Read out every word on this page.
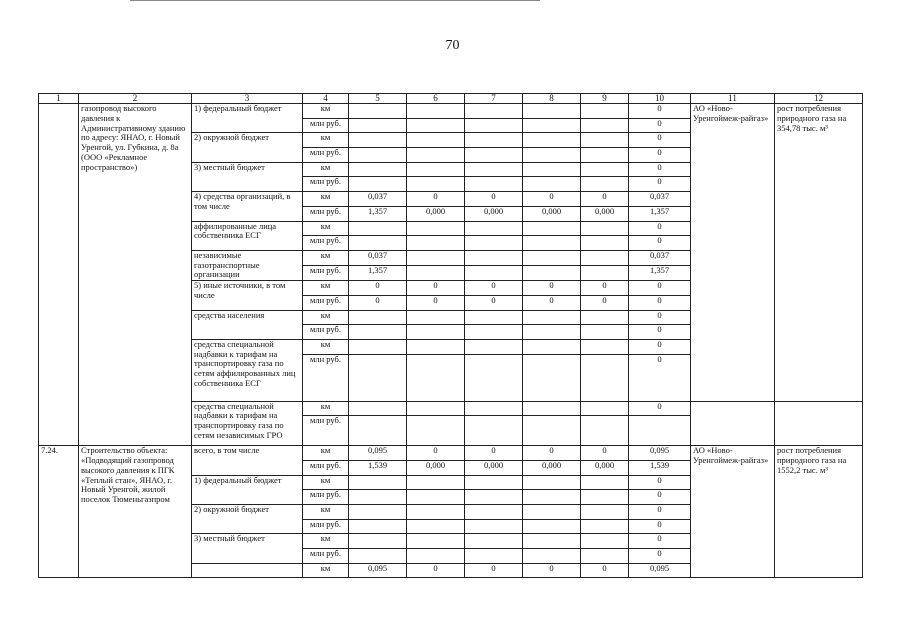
70
1	2	3	4	5	6	7	8	9	10	11	12
	газопровод высокого давления к Административному зданию по адресу: ЯНАО, г. Новый Уренгой, ул. Губкина, д. 8а (ООО «Рекламное пространство»)	1) федеральный бюджет	км						0	АО «Ново-Уренгоймеж-райгаз»	рост потребления природного газа на 354,78 тыс. м³
			млн руб.						0		
		2) окружной бюджет	км						0		
			млн руб.						0		
		3) местный бюджет	км						0		
			млн руб.						0		
		4) средства организаций, в том числе	км	0,037	0	0	0	0	0,037		
			млн руб.	1,357	0,000	0,000	0,000	0,000	1,357		
		аффилированные лица собственника ЕСГ	км						0		
			млн руб.						0		
		независимые газотранспортные организации	км	0,037					0,037		
			млн руб.	1,357					1,357		
		5) иные источники, в том числе	км	0	0	0	0	0	0		
			млн руб.	0	0	0	0	0	0		
		средства населения	км						0		
			млн руб.						0		
		средства специальной надбавки к тарифам на транспортировку газа по сетям аффилированных лиц собственника ЕСГ	км						0		
			млн руб.						0		
		средства специальной надбавки к тарифам на транспортировку газа по сетям независимых ГРО	км						0		
			млн руб.								
7.24.	Строительство объекта: «Подводящий газопровод высокого давления к ПГК «Теплый стан», ЯНАО, г. Новый Уренгой, жилой поселок Тюменьгазпром	всего, в том числе	км	0,095	0	0	0	0	0,095	АО «Ново-Уренгоймеж-райгаз»	рост потребления природного газа на 1552,2 тыс. м³
			млн руб.	1,539	0,000	0,000	0,000	0,000	1,539		
		1) федеральный бюджет	км						0		
			млн руб.						0		
		2) окружной бюджет	км						0		
			млн руб.						0		
		3) местный бюджет	км						0		
			млн руб.						0		
			км	0,095	0	0	0	0	0,095		
